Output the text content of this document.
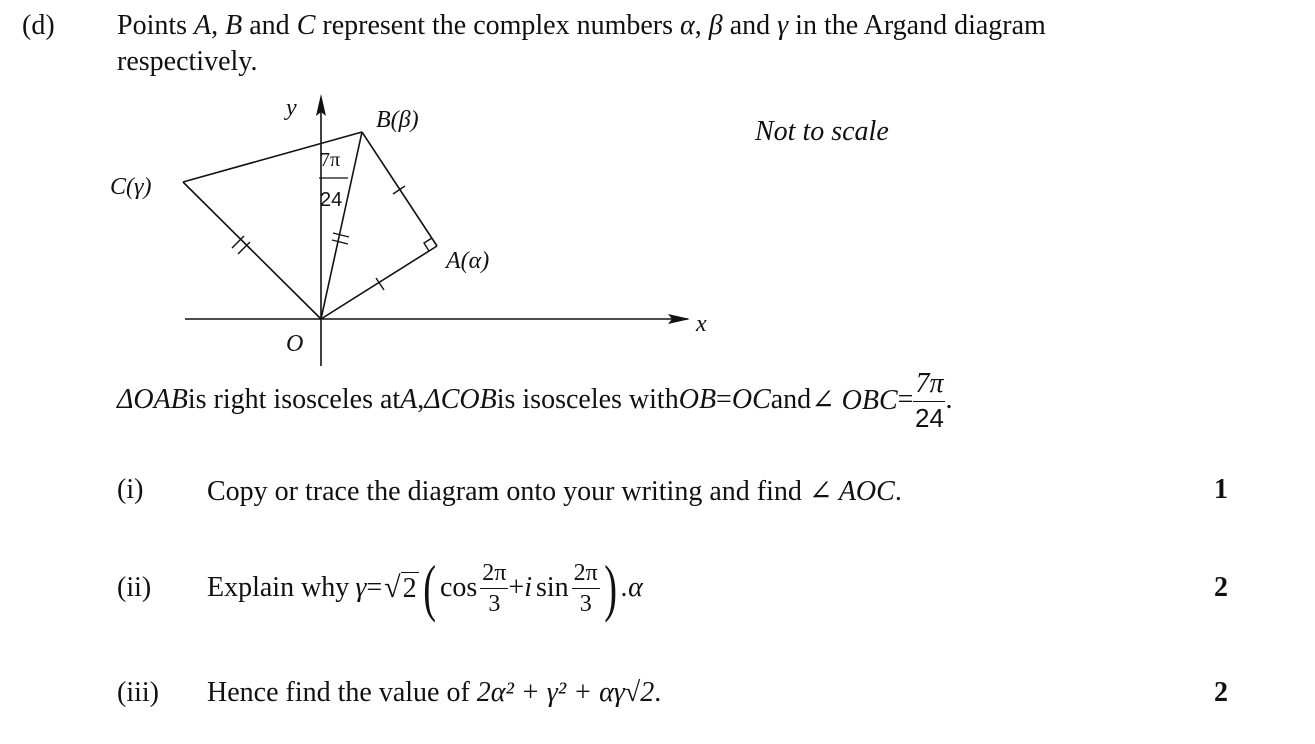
(d) Points A, B and C represent the complex numbers α, β and γ in the Argand diagram
respectively.
7π
24
y	B(β)
C(γ)
A(α)
O
x
Not to scale
ΔOAB is right isosceles at A , ΔCOB is isosceles with OB = OC and ∠ OBC = $\frac{7\pi}{24}$ .
(i) Copy or trace the diagram onto your writing and find ∠ AOC.	1
(ii) Explain why γ = √ 2 ( $\cos \frac{2\pi}{3} + i$ $\sin \frac{2\pi}{3}$ ) .α	2
(iii) Hence find the value of 2α² + γ² + αγ√2.	2
